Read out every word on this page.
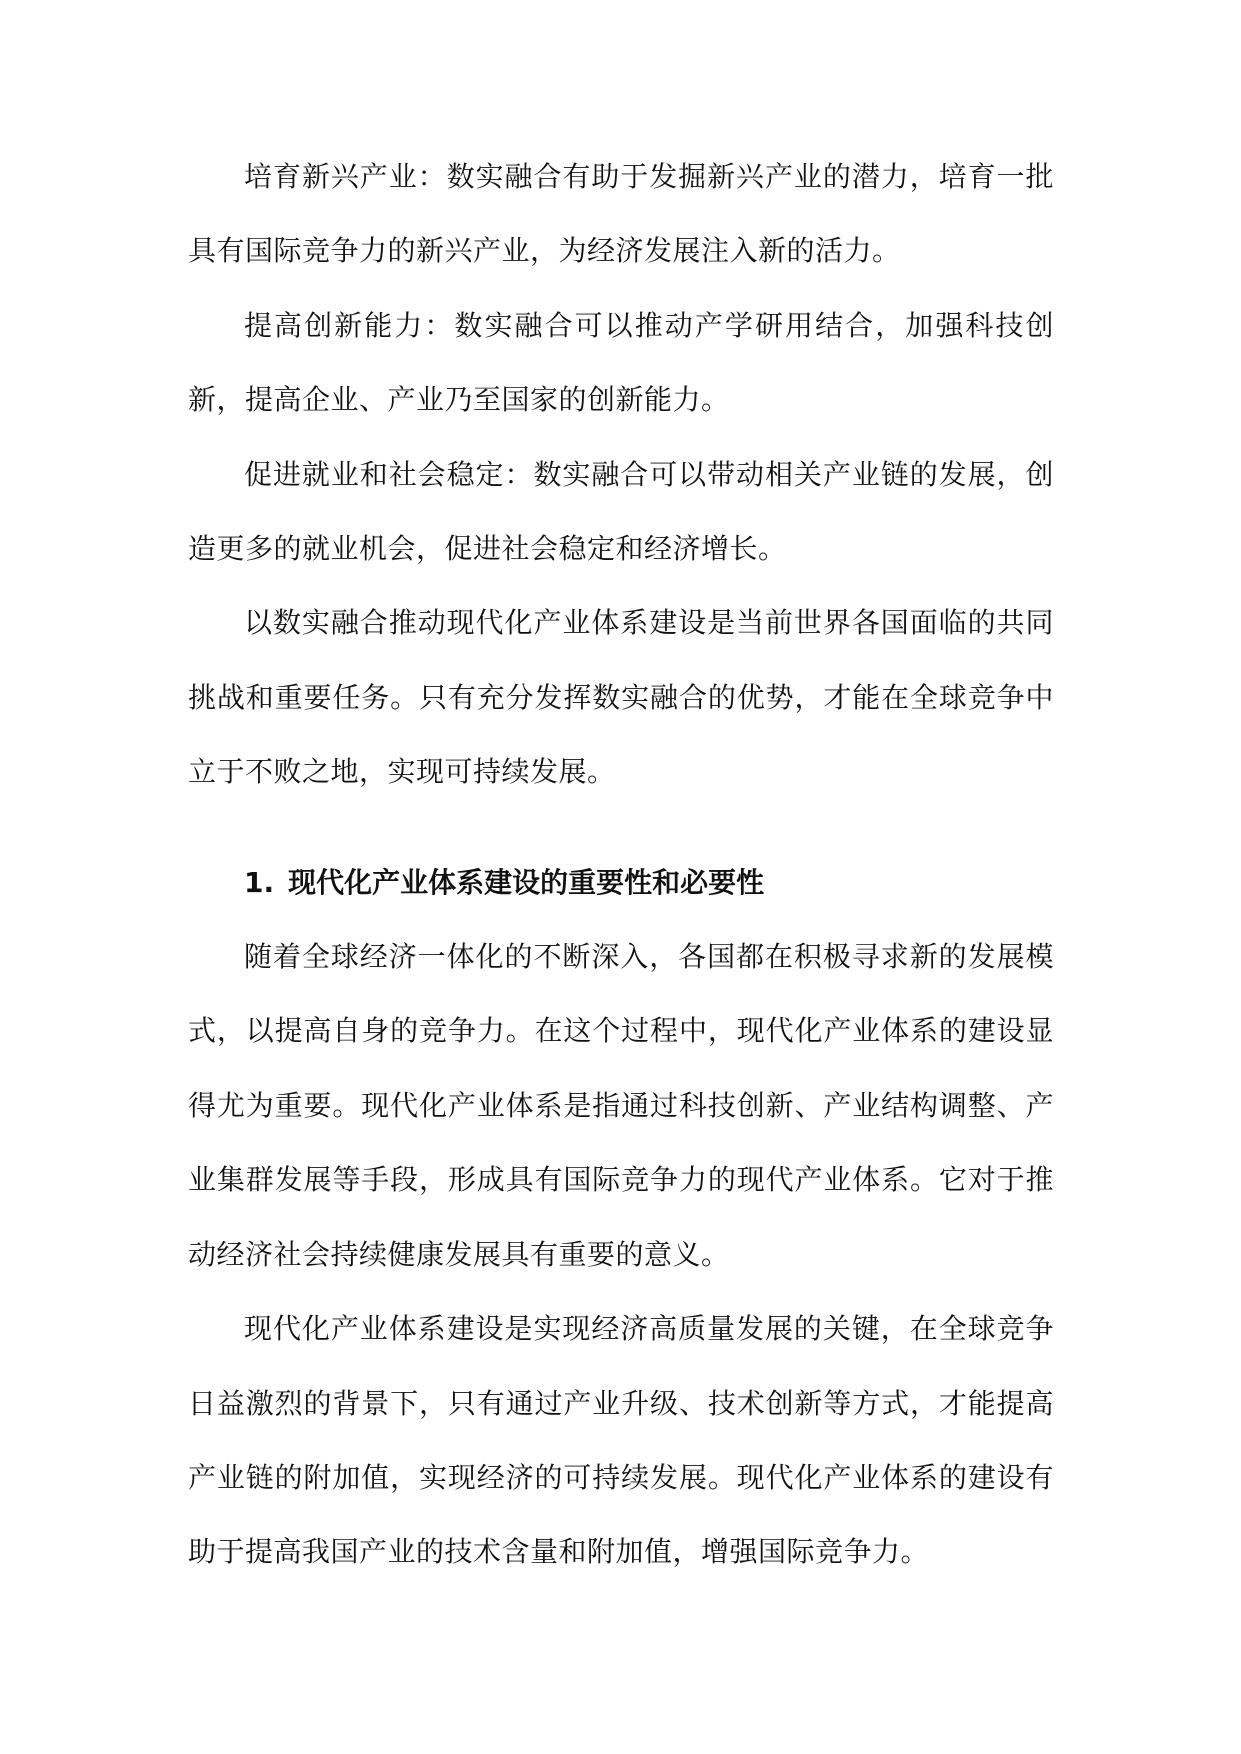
培育新兴产业：数实融合有助于发掘新兴产业的潜力，培育一批具有国际竞争力的新兴产业，为经济发展注入新的活力。

提高创新能力：数实融合可以推动产学研用结合，加强科技创新，提高企业、产业乃至国家的创新能力。

促进就业和社会稳定：数实融合可以带动相关产业链的发展，创造更多的就业机会，促进社会稳定和经济增长。

以数实融合推动现代化产业体系建设是当前世界各国面临的共同挑战和重要任务。只有充分发挥数实融合的优势，才能在全球竞争中立于不败之地，实现可持续发展。

1. 现代化产业体系建设的重要性和必要性

随着全球经济一体化的不断深入，各国都在积极寻求新的发展模式，以提高自身的竞争力。在这个过程中，现代化产业体系的建设显得尤为重要。现代化产业体系是指通过科技创新、产业结构调整、产业集群发展等手段，形成具有国际竞争力的现代产业体系。它对于推动经济社会持续健康发展具有重要的意义。

现代化产业体系建设是实现经济高质量发展的关键，在全球竞争日益激烈的背景下，只有通过产业升级、技术创新等方式，才能提高产业链的附加值，实现经济的可持续发展。现代化产业体系的建设有助于提高我国产业的技术含量和附加值，增强国际竞争力。
